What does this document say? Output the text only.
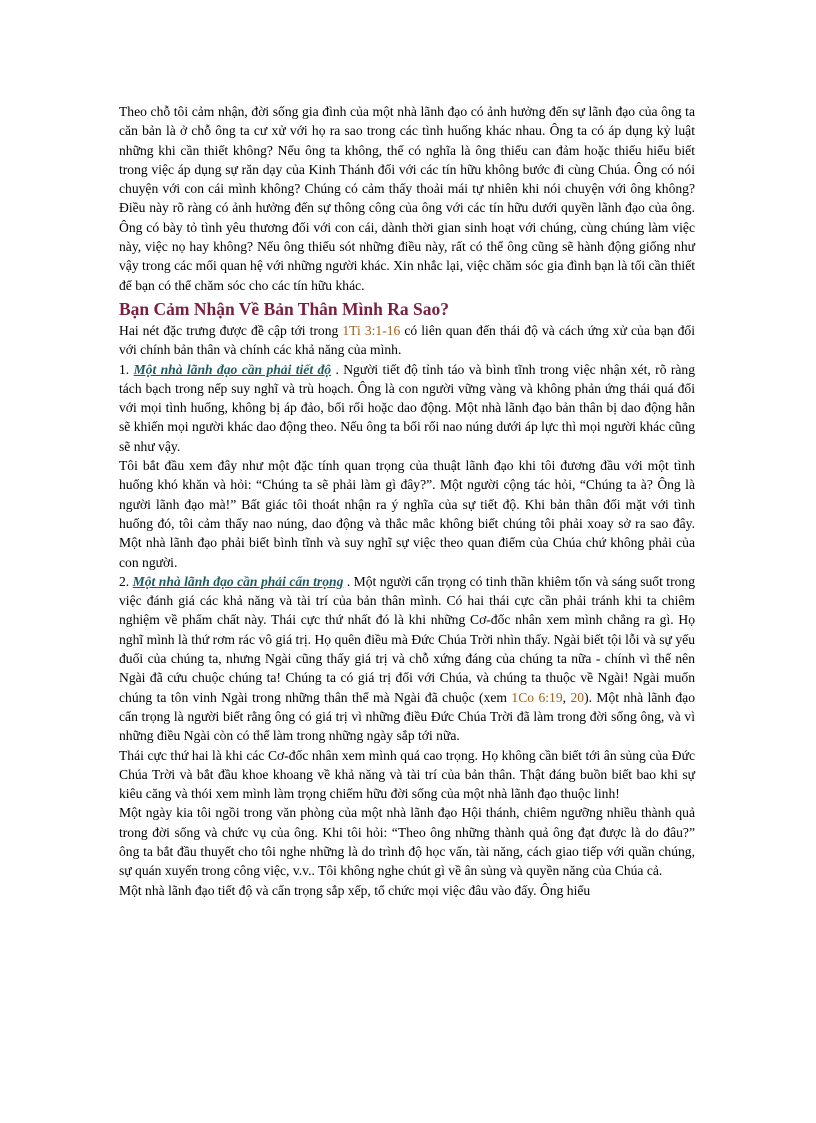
Theo chỗ tôi cảm nhận, đời sống gia đình của một nhà lãnh đạo có ảnh hưởng đến sự lãnh đạo của ông ta căn bản là ở chỗ ông ta cư xử với họ ra sao trong các tình huống khác nhau. Ông ta có áp dụng kỷ luật những khi cần thiết không? Nếu ông ta không, thế có nghĩa là ông thiếu can đảm hoặc thiếu hiểu biết trong việc áp dụng sự răn dạy của Kinh Thánh đối với các tín hữu không bước đi cùng Chúa. Ông có nói chuyện với con cái mình không? Chúng có cảm thấy thoải mái tự nhiên khi nói chuyện với ông không? Điều này rõ ràng có ảnh hưởng đến sự thông công của ông với các tín hữu dưới quyền lãnh đạo của ông. Ông có bày tỏ tình yêu thương đối với con cái, dành thời gian sinh hoạt với chúng, cùng chúng làm việc này, việc nọ hay không? Nếu ông thiếu sót những điều này, rất có thể ông cũng sẽ hành động giống như vậy trong các mối quan hệ với những người khác. Xin nhắc lại, việc chăm sóc gia đình bạn là tối cần thiết để bạn có thể chăm sóc cho các tín hữu khác.

Bạn Cảm Nhận Về Bản Thân Mình Ra Sao?

Hai nét đặc trưng được đề cập tới trong 1Ti 3:1-16 có liên quan đến thái độ và cách ứng xử của bạn đối với chính bản thân và chính các khả năng của mình.

1. Một nhà lãnh đạo cần phải tiết độ . Người tiết độ tỉnh táo và bình tĩnh trong việc nhận xét, rõ ràng tách bạch trong nếp suy nghĩ và trù hoạch. Ông là con người vững vàng và không phản ứng thái quá đối với mọi tình huống, không bị áp đảo, bối rối hoặc dao động. Một nhà lãnh đạo bản thân bị dao động hẳn sẽ khiến mọi người khác dao động theo. Nếu ông ta bối rối nao núng dưới áp lực thì mọi người khác cũng sẽ như vậy.

Tôi bắt đầu xem đây như một đặc tính quan trọng của thuật lãnh đạo khi tôi đương đầu với một tình huống khó khăn và hỏi: “Chúng ta sẽ phải làm gì đây?”. Một người cộng tác hỏi, “Chúng ta à? Ông là người lãnh đạo mà!” Bất giác tôi thoát nhận ra ý nghĩa của sự tiết độ. Khi bản thân đối mặt với tình huống đó, tôi cảm thấy nao núng, dao động và thắc mắc không biết chúng tôi phải xoay sở ra sao đây. Một nhà lãnh đạo phải biết bình tĩnh và suy nghĩ sự việc theo quan điểm của Chúa chứ không phải của con người.

2. Một nhà lãnh đạo cần phải cẩn trọng . Một người cẩn trọng có tinh thần khiêm tốn và sáng suốt trong việc đánh giá các khả năng và tài trí của bản thân mình. Có hai thái cực cần phải tránh khi ta chiêm nghiệm về phẩm chất này. Thái cực thứ nhất đó là khi những Cơ-đốc nhân xem mình chẳng ra gì. Họ nghĩ mình là thứ rơm rác vô giá trị. Họ quên điều mà Đức Chúa Trời nhìn thấy. Ngài biết tội lỗi và sự yếu đuối của chúng ta, nhưng Ngài cũng thấy giá trị và chỗ xứng đáng của chúng ta nữa - chính vì thế nên Ngài đã cứu chuộc chúng ta! Chúng ta có giá trị đối với Chúa, và chúng ta thuộc về Ngài! Ngài muốn chúng ta tôn vinh Ngài trong những thân thể mà Ngài đã chuộc (xem 1Co 6:19, 20). Một nhà lãnh đạo cẩn trọng là người biết rằng ông có giá trị vì những điều Đức Chúa Trời đã làm trong đời sống ông, và vì những điều Ngài còn có thể làm trong những ngày sắp tới nữa.

Thái cực thứ hai là khi các Cơ-đốc nhân xem mình quá cao trọng. Họ không cần biết tới ân sủng của Đức Chúa Trời và bắt đầu khoe khoang về khả năng và tài trí của bản thân. Thật đáng buồn biết bao khi sự kiêu căng và thói xem mình làm trọng chiếm hữu đời sống của một nhà lãnh đạo thuộc linh!

Một ngày kia tôi ngồi trong văn phòng của một nhà lãnh đạo Hội thánh, chiêm ngưỡng nhiều thành quả trong đời sống và chức vụ của ông. Khi tôi hỏi: “Theo ông những thành quả ông đạt được là do đâu?” ông ta bắt đầu thuyết cho tôi nghe những là do trình độ học vấn, tài năng, cách giao tiếp với quần chúng, sự quán xuyến trong công việc, v.v.. Tôi không nghe chút gì về ân sủng và quyền năng của Chúa cả.

Một nhà lãnh đạo tiết độ và cẩn trọng sắp xếp, tổ chức mọi việc đâu vào đấy. Ông hiểu
